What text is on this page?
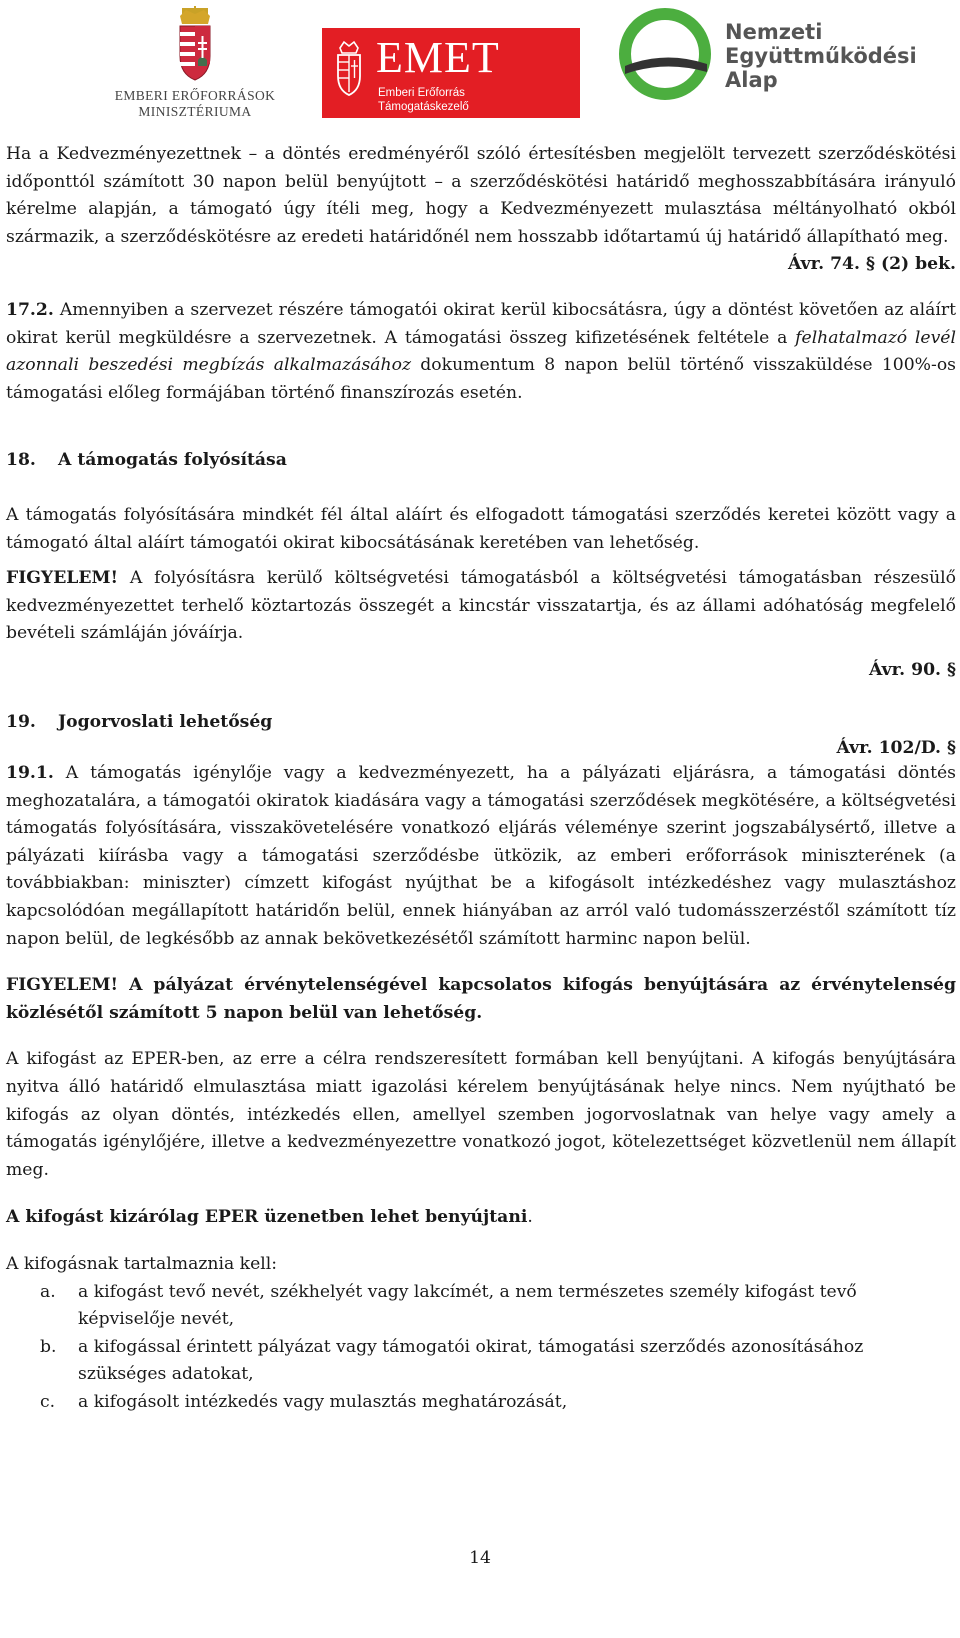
EMBERI ERŐFORRÁSOK
MINISZTÉRIUMA
EMET
Emberi Erőforrás
Támogatáskezelő
Nemzeti
Együttműködési
Alap

Ha a Kedvezményezettnek – a döntés eredményéről szóló értesítésben megjelölt tervezett szerződéskötési időponttól számított 30 napon belül benyújtott – a szerződéskötési határidő meghosszabbítására irányuló kérelme alapján, a támogató úgy ítéli meg, hogy a Kedvezményezett mulasztása méltányolható okból származik, a szerződéskötésre az eredeti határidőnél nem hosszabb időtartamú új határidő állapítható meg.

Ávr. 74. § (2) bek.

17.2. Amennyiben a szervezet részére támogatói okirat kerül kibocsátásra, úgy a döntést követően az aláírt okirat kerül megküldésre a szervezetnek. A támogatási összeg kifizetésének feltétele a felhatalmazó levél azonnali beszedési megbízás alkalmazásához dokumentum 8 napon belül történő visszaküldése 100%-os támogatási előleg formájában történő finanszírozás esetén.

18. A támogatás folyósítása

A támogatás folyósítására mindkét fél által aláírt és elfogadott támogatási szerződés keretei között vagy a támogató által aláírt támogatói okirat kibocsátásának keretében van lehetőség.

FIGYELEM! A folyósításra kerülő költségvetési támogatásból a költségvetési támogatásban részesülő kedvezményezettet terhelő köztartozás összegét a kincstár visszatartja, és az állami adóhatóság megfelelő bevételi számláján jóváírja.

Ávr. 90. §

19. Jogorvoslati lehetőség

Ávr. 102/D. §

19.1. A támogatás igénylője vagy a kedvezményezett, ha a pályázati eljárásra, a támogatási döntés meghozatalára, a támogatói okiratok kiadására vagy a támogatási szerződések megkötésére, a költségvetési támogatás folyósítására, visszakövetelésére vonatkozó eljárás véleménye szerint jogszabálysértő, illetve a pályázati kiírásba vagy a támogatási szerződésbe ütközik, az emberi erőforrások miniszterének (a továbbiakban: miniszter) címzett kifogást nyújthat be a kifogásolt intézkedéshez vagy mulasztáshoz kapcsolódóan megállapított határidőn belül, ennek hiányában az arról való tudomásszerzéstől számított tíz napon belül, de legkésőbb az annak bekövetkezésétől számított harminc napon belül.

FIGYELEM! A pályázat érvénytelenségével kapcsolatos kifogás benyújtására az érvénytelenség közlésétől számított 5 napon belül van lehetőség.

A kifogást az EPER-ben, az erre a célra rendszeresített formában kell benyújtani. A kifogás benyújtására nyitva álló határidő elmulasztása miatt igazolási kérelem benyújtásának helye nincs. Nem nyújtható be kifogás az olyan döntés, intézkedés ellen, amellyel szemben jogorvoslatnak van helye vagy amely a támogatás igénylőjére, illetve a kedvezményezettre vonatkozó jogot, kötelezettséget közvetlenül nem állapít meg.

A kifogást kizárólag EPER üzenetben lehet benyújtani.

A kifogásnak tartalmaznia kell:

a. a kifogást tevő nevét, székhelyét vagy lakcímét, a nem természetes személy kifogást tevő képviselője nevét,
b. a kifogással érintett pályázat vagy támogatói okirat, támogatási szerződés azonosításához szükséges adatokat,
c. a kifogásolt intézkedés vagy mulasztás meghatározását,
14
